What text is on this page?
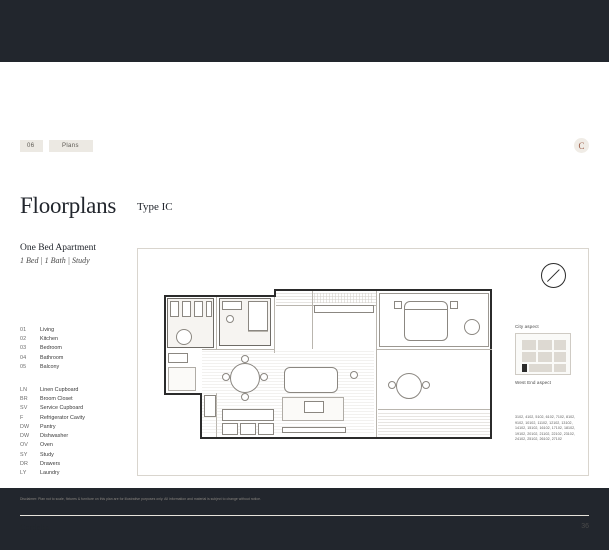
06	Plans	C
Floorplans Type IC
One Bed Apartment
1 Bed | 1 Bath | Study
01	Living
02	Kitchen
03	Bedroom
04	Bathroom
05	Balcony
LN	Linen Cupboard
BR	Broom Closet
SV	Service Cupboard
F	Refrigerator Cavity
DW	Pantry
DW	Dishwasher
OV	Oven
SY	Study
DR	Drawers
LY	Laundry
City aspect
West End aspect
3102, 4102, 5102, 6102, 7102, 8102, 9102, 10102, 11102, 12102, 13102, 14102, 15102, 16102, 17102, 18102, 19102, 20102, 21102, 22102, 23102, 24102, 25102, 26102, 27102
Disclaimer: Plan not to scale, fixtures & furniture on this plan are for illustrative purposes only. All information and material is subject to change without notice.
Cordelia	36
